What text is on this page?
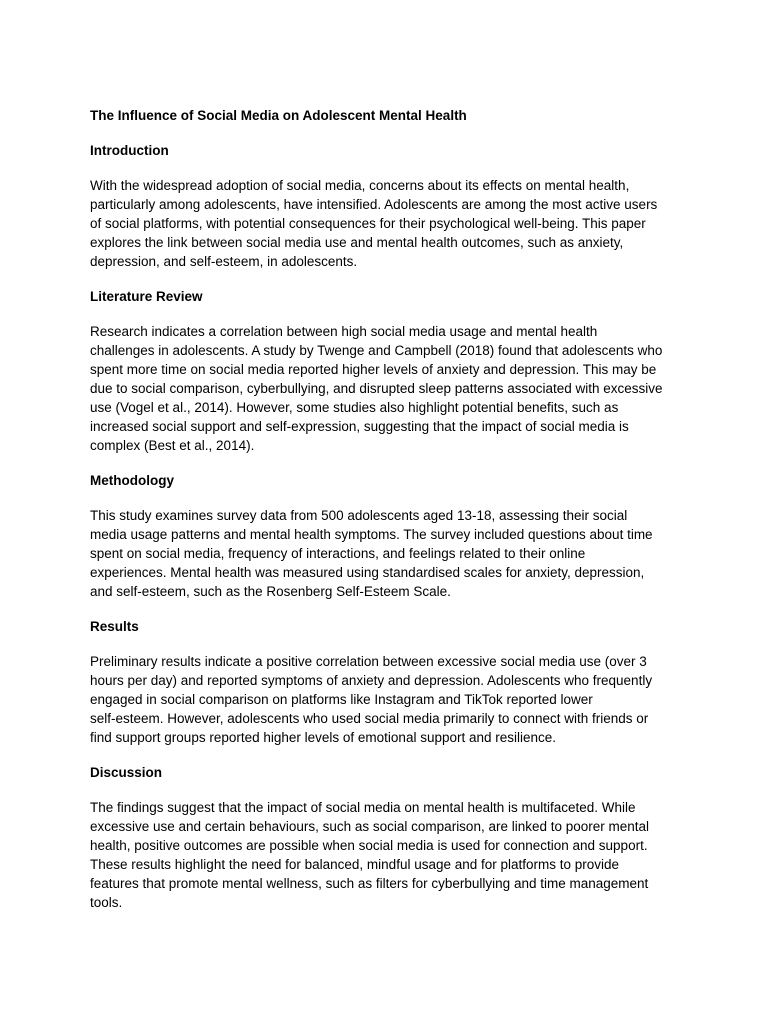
The Influence of Social Media on Adolescent Mental Health
Introduction
With the widespread adoption of social media, concerns about its effects on mental health,
particularly among adolescents, have intensified. Adolescents are among the most active users
of social platforms, with potential consequences for their psychological well-being. This paper
explores the link between social media use and mental health outcomes, such as anxiety,
depression, and self-esteem, in adolescents.
Literature Review
Research indicates a correlation between high social media usage and mental health
challenges in adolescents. A study by Twenge and Campbell (2018) found that adolescents who
spent more time on social media reported higher levels of anxiety and depression. This may be
due to social comparison, cyberbullying, and disrupted sleep patterns associated with excessive
use (Vogel et al., 2014). However, some studies also highlight potential benefits, such as
increased social support and self-expression, suggesting that the impact of social media is
complex (Best et al., 2014).
Methodology
This study examines survey data from 500 adolescents aged 13-18, assessing their social
media usage patterns and mental health symptoms. The survey included questions about time
spent on social media, frequency of interactions, and feelings related to their online
experiences. Mental health was measured using standardised scales for anxiety, depression,
and self-esteem, such as the Rosenberg Self-Esteem Scale.
Results
Preliminary results indicate a positive correlation between excessive social media use (over 3
hours per day) and reported symptoms of anxiety and depression. Adolescents who frequently
engaged in social comparison on platforms like Instagram and TikTok reported lower
self-esteem. However, adolescents who used social media primarily to connect with friends or
find support groups reported higher levels of emotional support and resilience.
Discussion
The findings suggest that the impact of social media on mental health is multifaceted. While
excessive use and certain behaviours, such as social comparison, are linked to poorer mental
health, positive outcomes are possible when social media is used for connection and support.
These results highlight the need for balanced, mindful usage and for platforms to provide
features that promote mental wellness, such as filters for cyberbullying and time management
tools.
